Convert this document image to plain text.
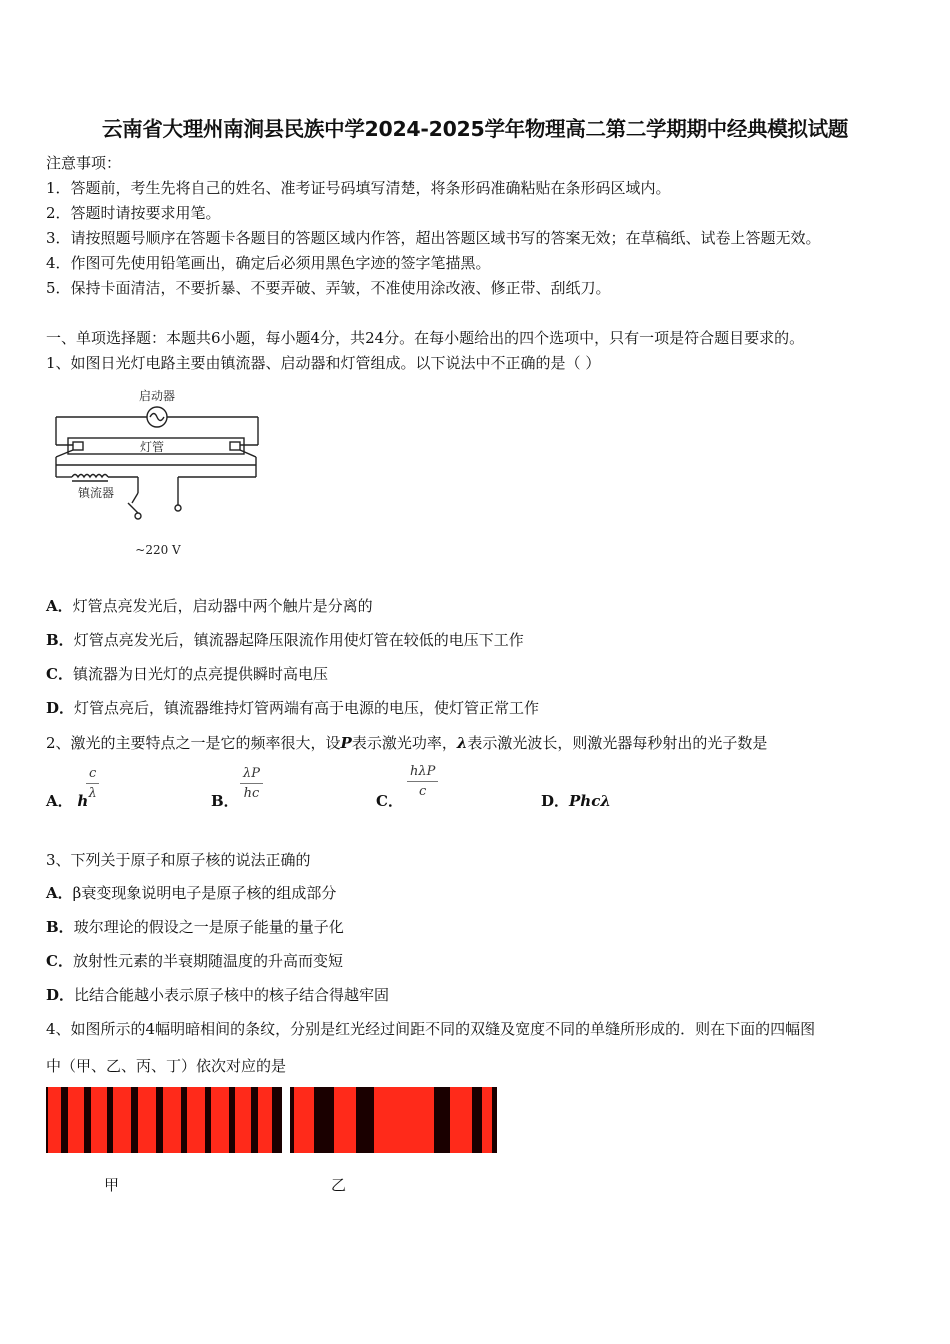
云南省大理州南涧县民族中学2024-2025学年物理高二第二学期期中经典模拟试题
注意事项：
1．答题前，考生先将自己的姓名、准考证号码填写清楚，将条形码准确粘贴在条形码区域内。
2．答题时请按要求用笔。
3．请按照题号顺序在答题卡各题目的答题区域内作答，超出答题区域书写的答案无效；在草稿纸、试卷上答题无效。
4．作图可先使用铅笔画出，确定后必须用黑色字迹的签字笔描黑。
5．保持卡面清洁，不要折暴、不要弄破、弄皱，不准使用涂改液、修正带、刮纸刀。
一、单项选择题：本题共6小题，每小题4分，共24分。在每小题给出的四个选项中，只有一项是符合题目要求的。
1、如图日光灯电路主要由镇流器、启动器和灯管组成。以下说法中不正确的是（ ）
启动器
灯管
镇流器
~220 V
A．灯管点亮发光后，启动器中两个触片是分离的
B．灯管点亮发光后，镇流器起降压限流作用使灯管在较低的电压下工作
C．镇流器为日光灯的点亮提供瞬时高电压
D．灯管点亮后，镇流器维持灯管两端有高于电源的电压，使灯管正常工作
2、激光的主要特点之一是它的频率很大，设P表示激光功率，λ表示激光波长，则激光器每秒射出的光子数是
A． h
$\frac{c}{\lambda}$	B． $\frac{\lambda P}{hc}$	C．
hλP
c
D．Phcλ
3、下列关于原子和原子核的说法正确的
A．β衰变现象说明电子是原子核的组成部分
B．玻尔理论的假设之一是原子能量的量子化
C．放射性元素的半衰期随温度的升高而变短
D．比结合能越小表示原子核中的核子结合得越牢固
4、如图所示的4幅明暗相间的条纹，分别是红光经过间距不同的双缝及宽度不同的单缝所形成的．则在下面的四幅图
中（甲、乙、丙、丁）依次对应的是
甲	乙
